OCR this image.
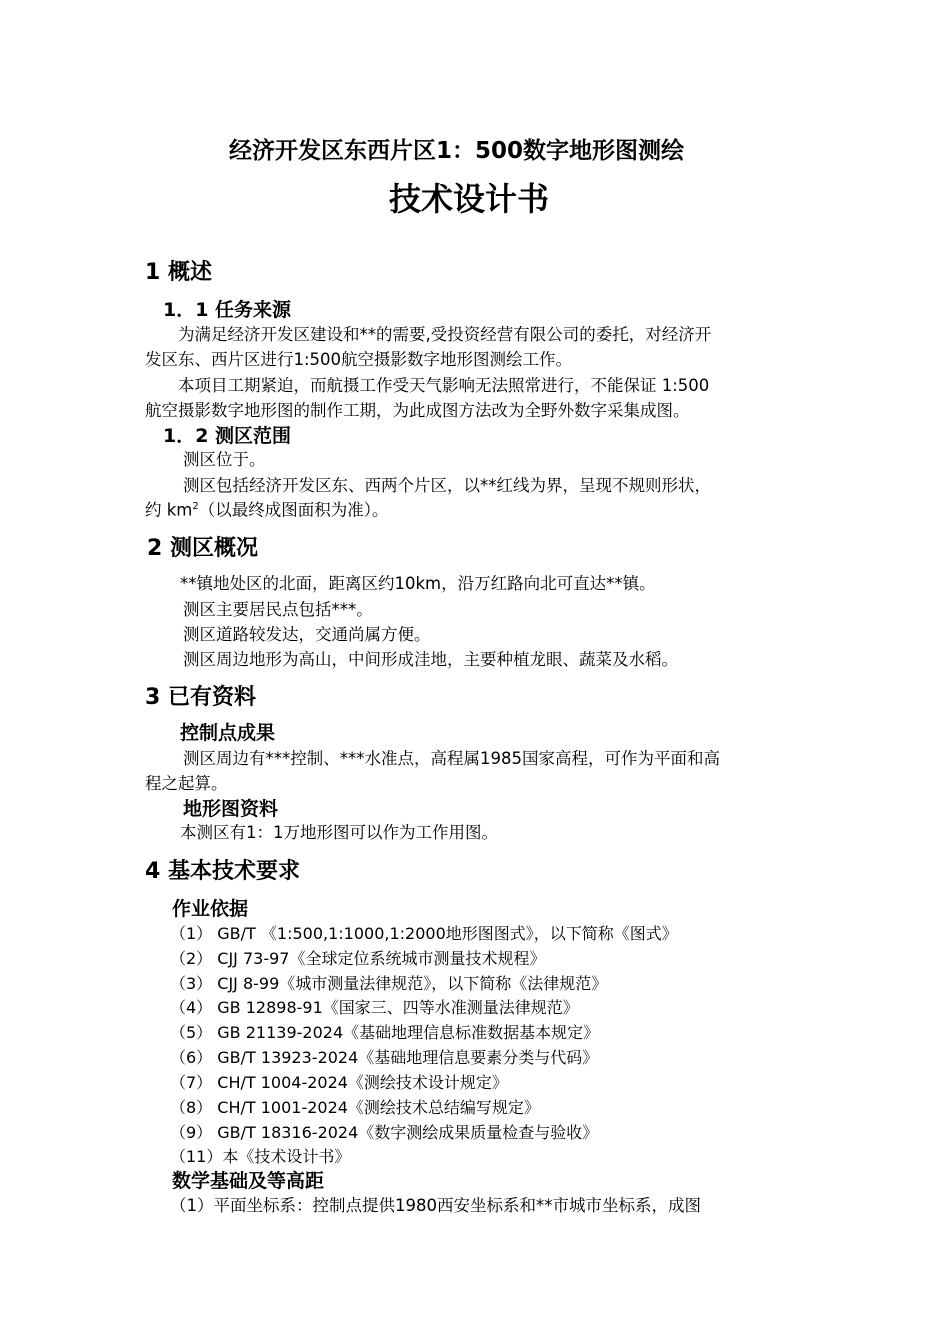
经济开发区东西片区1：500数字地形图测绘
技术设计书
1 概述
1．1 任务来源
为满足经济开发区建设和**的需要,受投资经营有限公司的委托，对经济开
发区东、西片区进行1:500航空摄影数字地形图测绘工作。
本项目工期紧迫，而航摄工作受天气影响无法照常进行，不能保证 1:500
航空摄影数字地形图的制作工期，为此成图方法改为全野外数字采集成图。
1．2 测区范围
测区位于。
测区包括经济开发区东、西两个片区，以**红线为界，呈现不规则形状，
约 $km^2$（以最终成图面积为准）。
2 测区概况
**镇地处区的北面，距离区约10km，沿万红路向北可直达**镇。
测区主要居民点包括***。
测区道路较发达，交通尚属方便。
测区周边地形为高山，中间形成洼地，主要种植龙眼、蔬菜及水稻。
3 已有资料
控制点成果
测区周边有***控制、***水准点，高程属1985国家高程，可作为平面和高
程之起算。
地形图资料
本测区有1：1万地形图可以作为工作用图。
4 基本技术要求
作业依据
（1） GB/T 《1:500,1:1000,1:2000地形图图式》，以下简称《图式》
（2） CJJ 73-97《全球定位系统城市测量技术规程》
（3） CJJ 8-99《城市测量法律规范》，以下简称《法律规范》
（4） GB 12898-91《国家三、四等水准测量法律规范》
（5） GB 21139-2024《基础地理信息标准数据基本规定》
（6） GB/T 13923-2024《基础地理信息要素分类与代码》
（7） CH/T 1004-2024《测绘技术设计规定》
（8） CH/T 1001-2024《测绘技术总结编写规定》
（9） GB/T 18316-2024《数字测绘成果质量检查与验收》
（11）本《技术设计书》
数学基础及等高距
（1）平面坐标系：控制点提供1980西安坐标系和**市城市坐标系，成图
